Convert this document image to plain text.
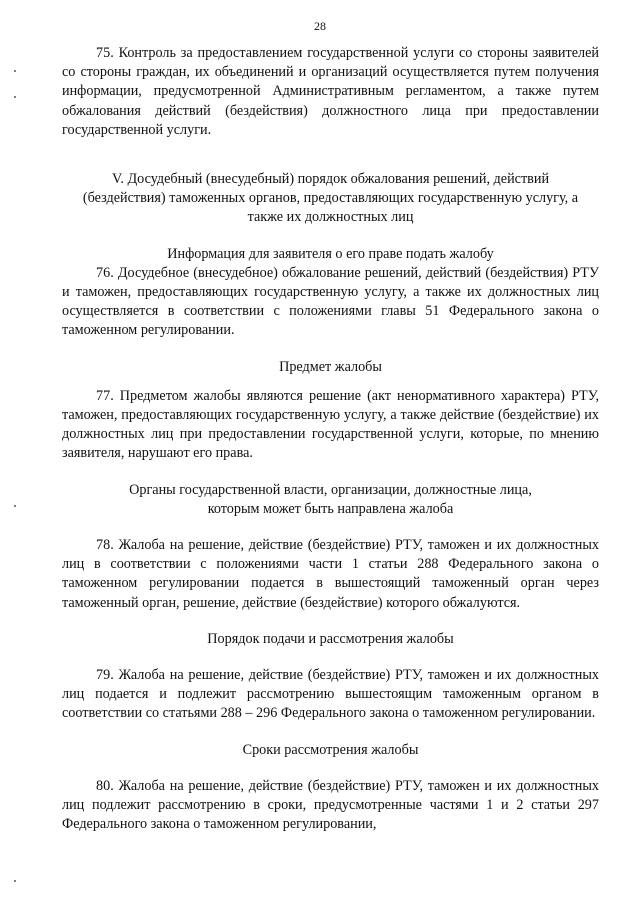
28

75. Контроль за предоставлением государственной услуги со стороны заявителей со стороны граждан, их объединений и организаций осуществляется путем получения информации, предусмотренной Административным регламентом, а также путем обжалования действий (бездействия) должностного лица при предоставлении государственной услуги.

V. Досудебный (внесудебный) порядок обжалования решений, действий (бездействия) таможенных органов, предоставляющих государственную услугу, а также их должностных лиц

Информация для заявителя о его праве подать жалобу

76. Досудебное (внесудебное) обжалование решений, действий (бездействия) РТУ и таможен, предоставляющих государственную услугу, а также их должностных лиц осуществляется в соответствии с положениями главы 51 Федерального закона о таможенном регулировании.

Предмет жалобы

77. Предметом жалобы являются решение (акт ненормативного характера) РТУ, таможен, предоставляющих государственную услугу, а также действие (бездействие) их должностных лиц при предоставлении государственной услуги, которые, по мнению заявителя, нарушают его права.

Органы государственной власти, организации, должностные лица, которым может быть направлена жалоба

78. Жалоба на решение, действие (бездействие) РТУ, таможен и их должностных лиц в соответствии с положениями части 1 статьи 288 Федерального закона о таможенном регулировании подается в вышестоящий таможенный орган через таможенный орган, решение, действие (бездействие) которого обжалуются.

Порядок подачи и рассмотрения жалобы

79. Жалоба на решение, действие (бездействие) РТУ, таможен и их должностных лиц подается и подлежит рассмотрению вышестоящим таможенным органом в соответствии со статьями 288 – 296 Федерального закона о таможенном регулировании.

Сроки рассмотрения жалобы

80. Жалоба на решение, действие (бездействие) РТУ, таможен и их должностных лиц подлежит рассмотрению в сроки, предусмотренные частями 1 и 2 статьи 297 Федерального закона о таможенном регулировании,
